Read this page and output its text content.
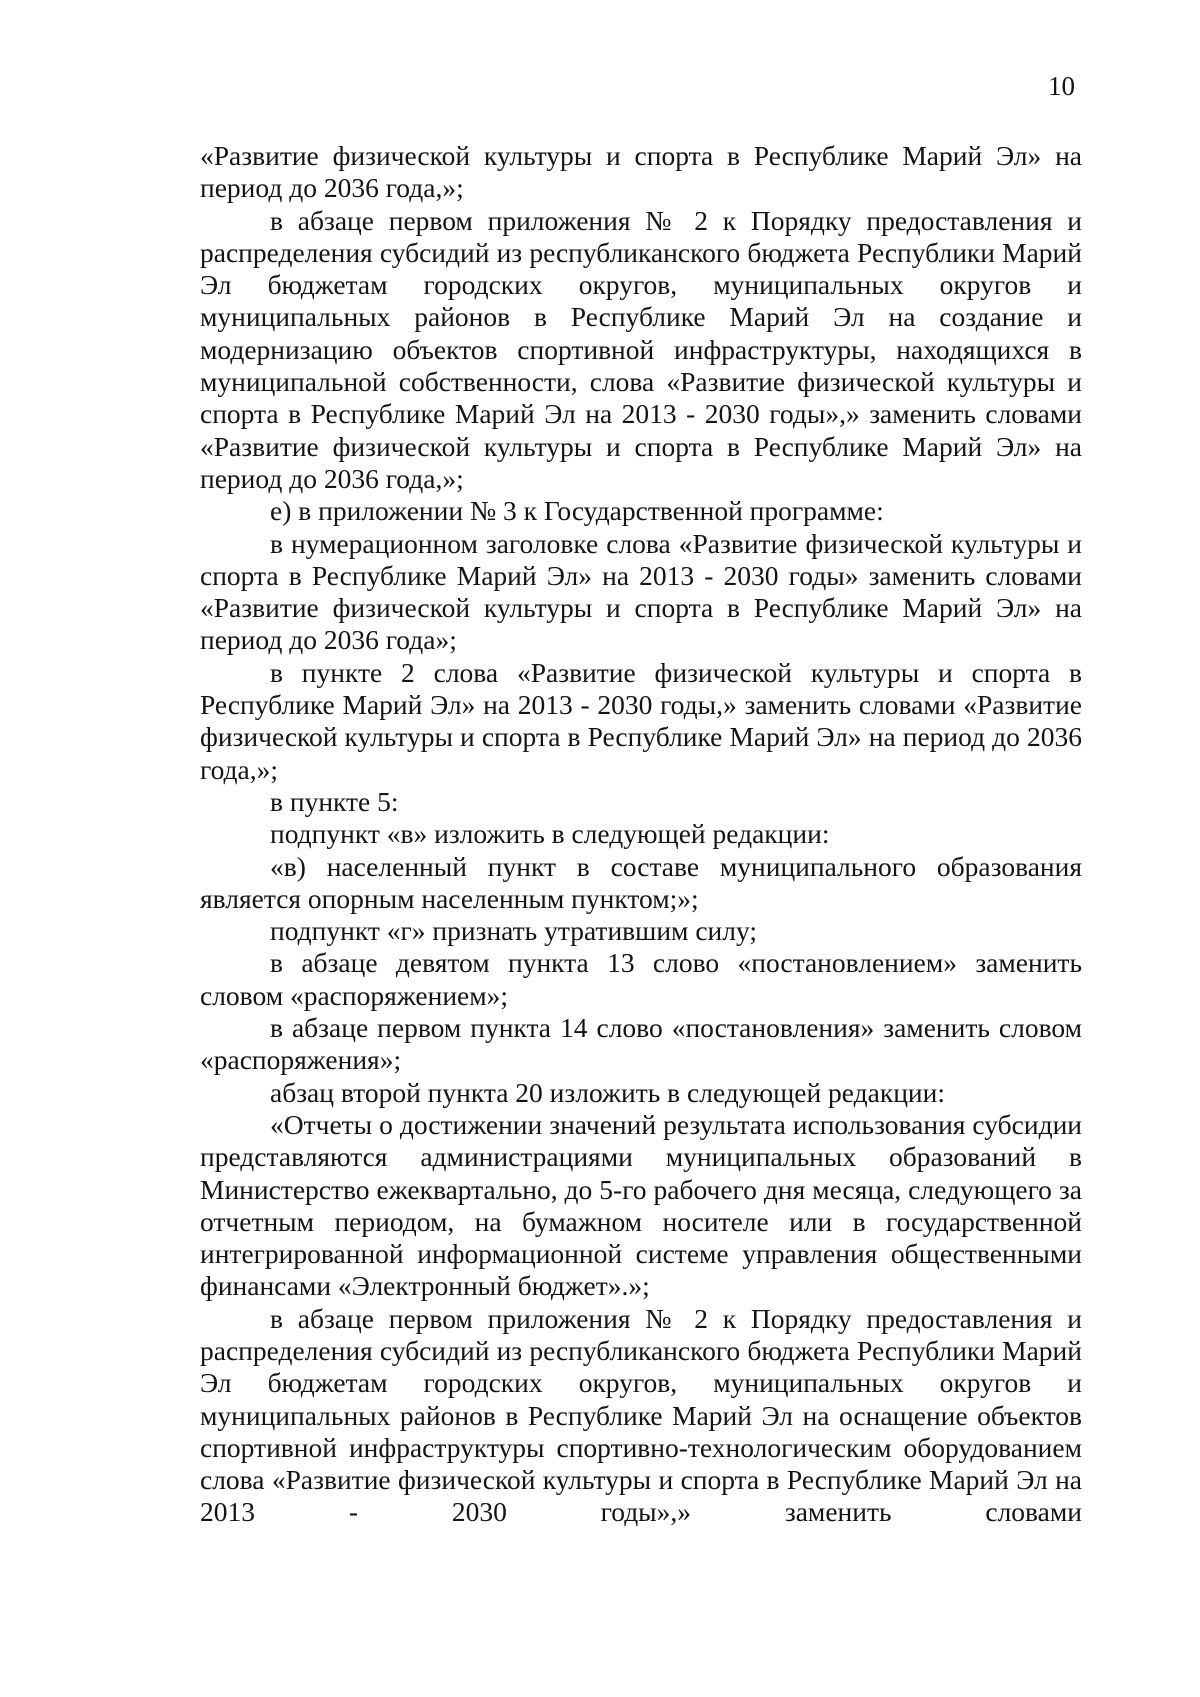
10

«Развитие физической культуры и спорта в Республике Марий Эл» на период до 2036 года,»;

в абзаце первом приложения № 2 к Порядку предоставления и распределения субсидий из республиканского бюджета Республики Марий Эл бюджетам городских округов, муниципальных округов и муниципальных районов в Республике Марий Эл на создание и модернизацию объектов спортивной инфраструктуры, находящихся в муниципальной собственности, слова «Развитие физической культуры и спорта в Республике Марий Эл на 2013 - 2030 годы»,» заменить словами «Развитие физической культуры и спорта в Республике Марий Эл» на период до 2036 года,»;

е) в приложении № 3 к Государственной программе:

в нумерационном заголовке слова «Развитие физической культуры и спорта в Республике Марий Эл» на 2013 - 2030 годы» заменить словами «Развитие физической культуры и спорта в Республике Марий Эл» на период до 2036 года»;

в пункте 2 слова «Развитие физической культуры и спорта в Республике Марий Эл» на 2013 - 2030 годы,» заменить словами «Развитие физической культуры и спорта в Республике Марий Эл» на период до 2036 года,»;

в пункте 5:

подпункт «в» изложить в следующей редакции:

«в) населенный пункт в составе муниципального образования является опорным населенным пунктом;»;

подпункт «г» признать утратившим силу;

в абзаце девятом пункта 13 слово «постановлением» заменить словом «распоряжением»;

в абзаце первом пункта 14 слово «постановления» заменить словом «распоряжения»;

абзац второй пункта 20 изложить в следующей редакции:

«Отчеты о достижении значений результата использования субсидии представляются администрациями муниципальных образований в Министерство ежеквартально, до 5-го рабочего дня месяца, следующего за отчетным периодом, на бумажном носителе или в государственной интегрированной информационной системе управления общественными финансами «Электронный бюджет».»;

в абзаце первом приложения № 2 к Порядку предоставления и распределения субсидий из республиканского бюджета Республики Марий Эл бюджетам городских округов, муниципальных округов и муниципальных районов в Республике Марий Эл на оснащение объектов спортивной инфраструктуры спортивно-технологическим оборудованием слова «Развитие физической культуры и спорта в Республике Марий Эл на 2013 - 2030 годы»,» заменить словами
